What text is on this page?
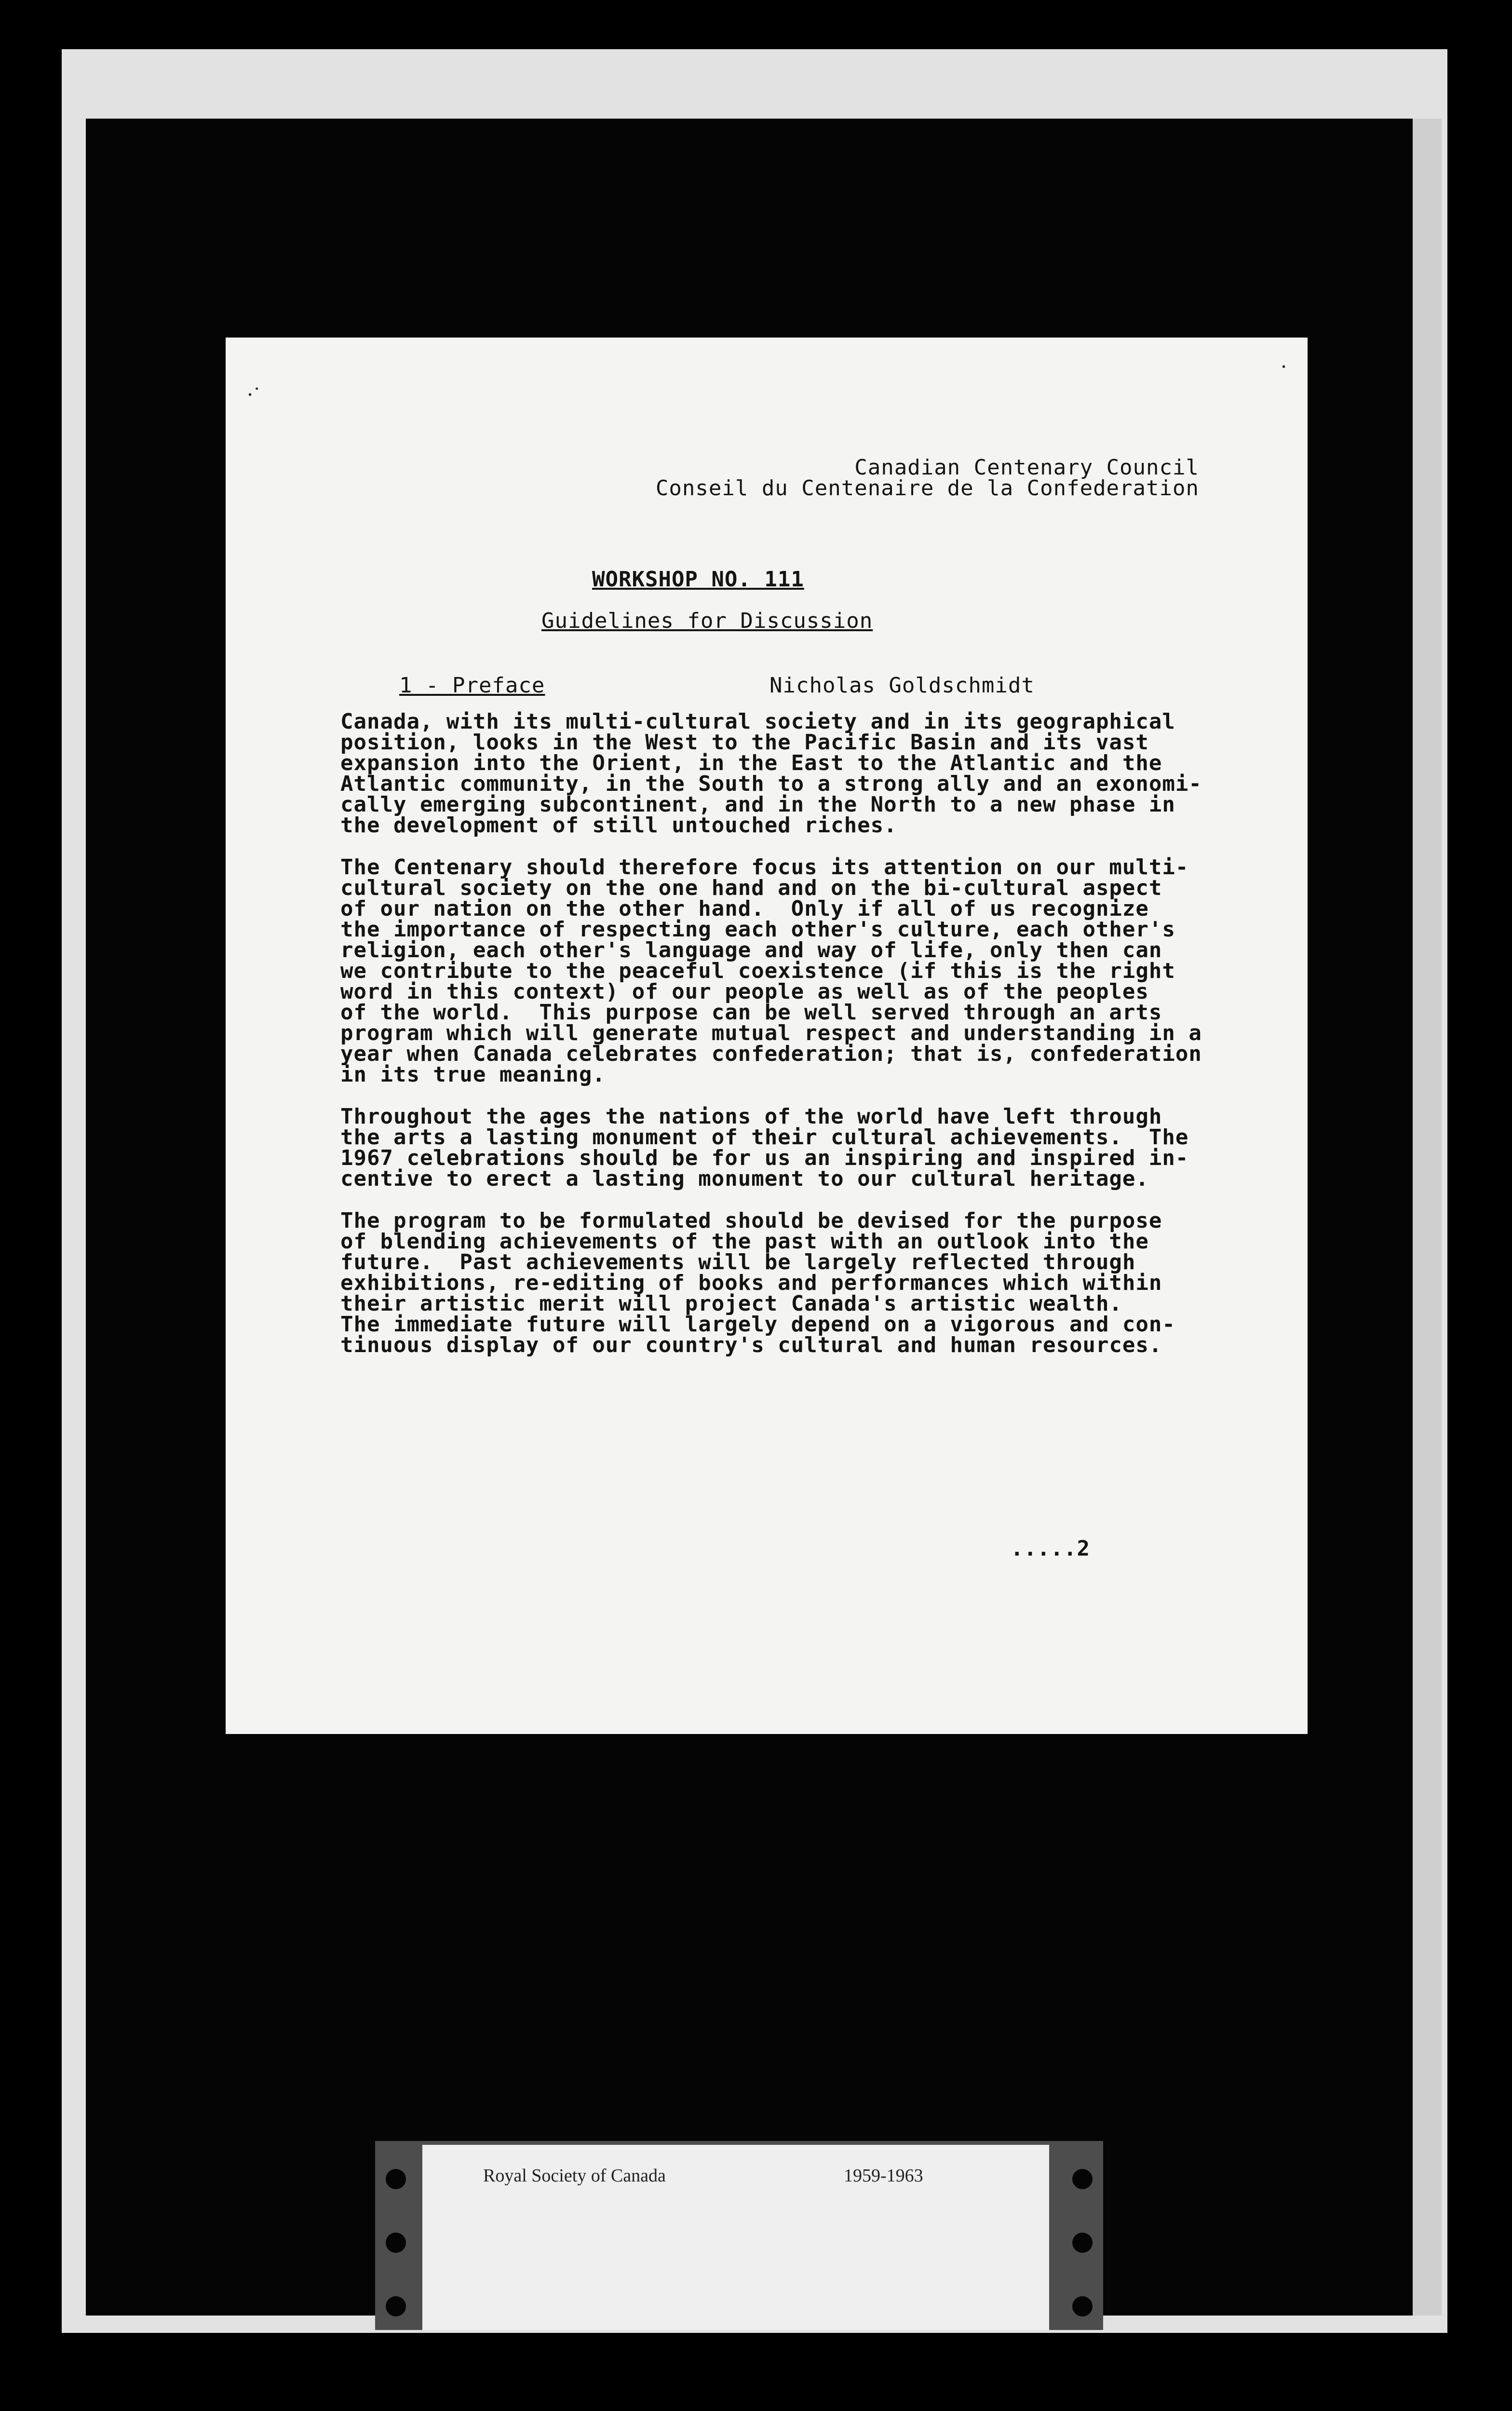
⸱˙
⸱
Canadian Centenary Council
Conseil du Centenaire de la Confederation
WORKSHOP NO. 111
Guidelines for Discussion
1 - Preface	Nicholas Goldschmidt
Canada, with its multi-cultural society and in its geographical
position, looks in the West to the Pacific Basin and its vast
expansion into the Orient, in the East to the Atlantic and the
Atlantic community, in the South to a strong ally and an exonomi-
cally emerging subcontinent, and in the North to a new phase in
the development of still untouched riches.
The Centenary should therefore focus its attention on our multi-
cultural society on the one hand and on the bi-cultural aspect
of our nation on the other hand.  Only if all of us recognize
the importance of respecting each other's culture, each other's
religion, each other's language and way of life, only then can
we contribute to the peaceful coexistence (if this is the right
word in this context) of our people as well as of the peoples
of the world.  This purpose can be well served through an arts
program which will generate mutual respect and understanding in a
year when Canada celebrates confederation; that is, confederation
in its true meaning.
Throughout the ages the nations of the world have left through
the arts a lasting monument of their cultural achievements.  The
1967 celebrations should be for us an inspiring and inspired in-
centive to erect a lasting monument to our cultural heritage.
The program to be formulated should be devised for the purpose
of blending achievements of the past with an outlook into the
future.  Past achievements will be largely reflected through
exhibitions, re-editing of books and performances which within
their artistic merit will project Canada's artistic wealth.
The immediate future will largely depend on a vigorous and con-
tinuous display of our country's cultural and human resources.
.....2
Royal Society of Canada	1959-1963
